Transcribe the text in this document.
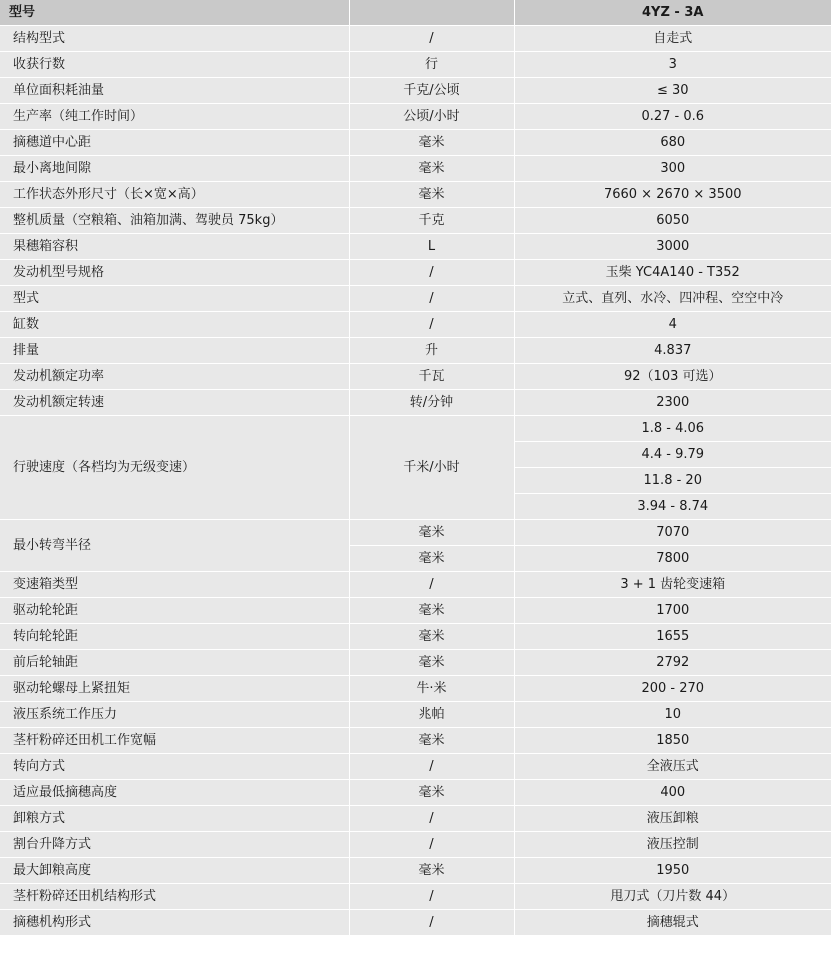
型号		4YZ - 3A
结构型式	/	自走式
收获行数	行	3
单位面积耗油量	千克/公顷	≤ 30
生产率（纯工作时间）	公顷/小时	0.27 - 0.6
摘穗道中心距	毫米	680
最小离地间隙	毫米	300
工作状态外形尺寸（长×宽×高）	毫米	7660 × 2670 × 3500
整机质量（空粮箱、油箱加满、驾驶员 75kg）	千克	6050
果穗箱容积	L	3000
发动机型号规格	/	玉柴 YC4A140 - T352
型式	/	立式、直列、水冷、四冲程、空空中冷
缸数	/	4
排量	升	4.837
发动机额定功率	千瓦	92（103 可选）
发动机额定转速	转/分钟	2300
行驶速度（各档均为无级变速）	千米/小时	1.8 - 4.06
		4.4 - 9.79
		11.8 - 20
		3.94 - 8.74
最小转弯半径	毫米	7070
	毫米	7800
变速箱类型	/	3 + 1 齿轮变速箱
驱动轮轮距	毫米	1700
转向轮轮距	毫米	1655
前后轮轴距	毫米	2792
驱动轮螺母上紧扭矩	牛·米	200 - 270
液压系统工作压力	兆帕	10
茎杆粉碎还田机工作宽幅	毫米	1850
转向方式	/	全液压式
适应最低摘穗高度	毫米	400
卸粮方式	/	液压卸粮
割台升降方式	/	液压控制
最大卸粮高度	毫米	1950
茎杆粉碎还田机结构形式	/	甩刀式（刀片数 44）
摘穗机构形式	/	摘穗辊式
